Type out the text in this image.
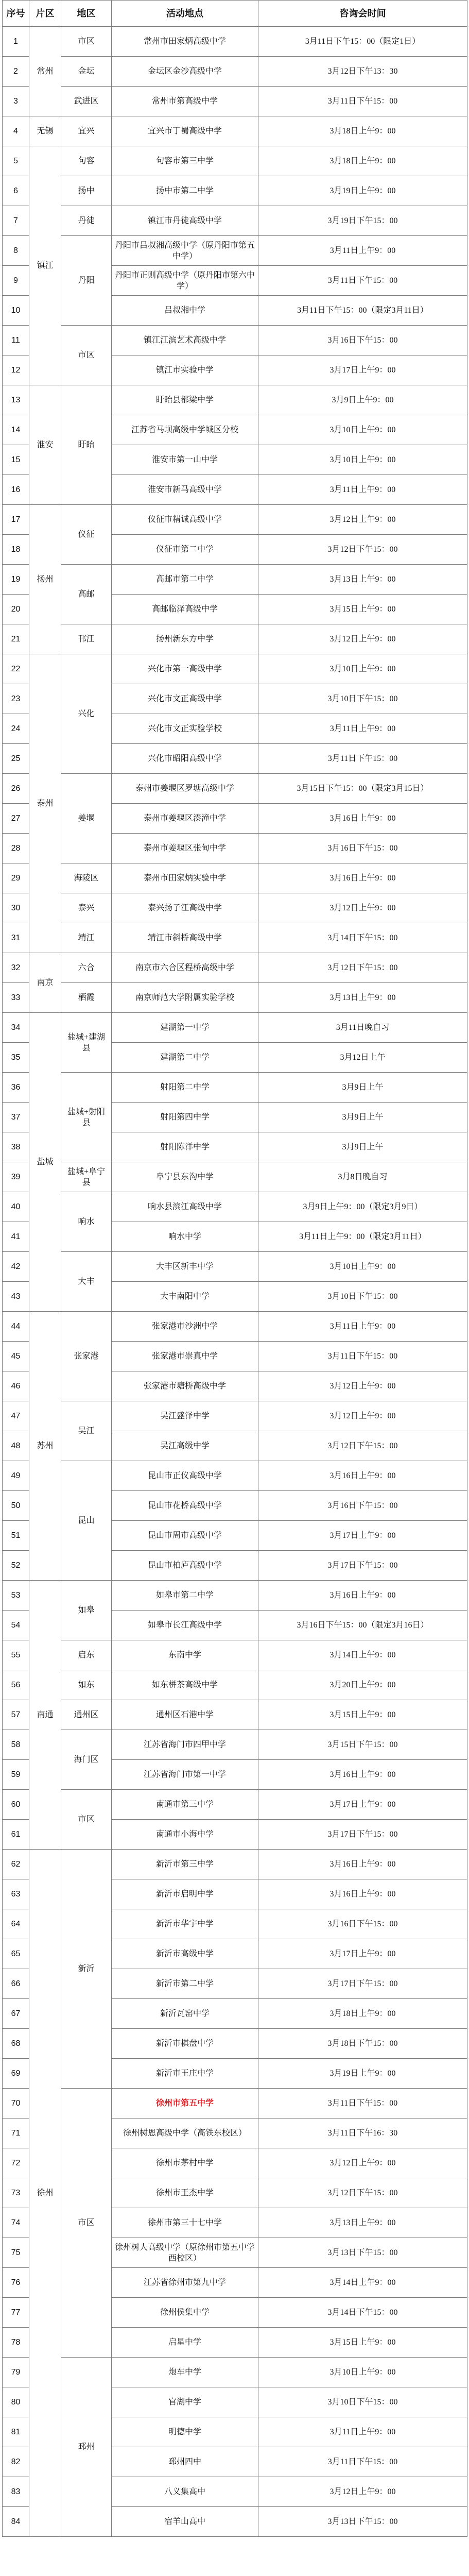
序号	片区	地区	活动地点	咨询会时间
1	常州	市区	常州市田家炳高级中学	3月11日下午15：00（限定1日）
2		金坛	金坛区金沙高级中学	3月12日下午13：30
3		武进区	常州市第高级中学	3月11日下午15：00
4	无锡	宜兴	宜兴市丁蜀高级中学	3月18日上午9：00
5	镇江	句容	句容市第三中学	3月18日上午9：00
6		扬中	扬中市第二中学	3月19日上午9：00
7		丹徒	镇江市丹徒高级中学	3月19日下午15：00
8		丹阳	丹阳市吕叔湘高级中学（原丹阳市第五中学）	3月11日上午9：00
9			丹阳市正则高级中学（原丹阳市第六中学）	3月11日下午15：00
10			吕叔湘中学	3月11日下午15：00（限定3月11日）
11		市区	镇江江滨艺术高级中学	3月16日下午15：00
12			镇江市实验中学	3月17日上午9：00
13	淮安	盱眙	盱眙县都梁中学	3月9日上午9：00
14			江苏省马坝高级中学城区分校	3月10日上午9：00
15			淮安市第一山中学	3月10日上午9：00
16			淮安市新马高级中学	3月11日上午9：00
17	扬州	仪征	仪征市精诚高级中学	3月12日上午9：00
18			仪征市第二中学	3月12日下午15：00
19		高邮	高邮市第二中学	3月13日上午9：00
20			高邮临泽高级中学	3月15日上午9：00
21		邗江	扬州新东方中学	3月12日上午9：00
22	泰州	兴化	兴化市第一高级中学	3月10日上午9：00
23			兴化市文正高级中学	3月10日下午15：00
24			兴化市文正实验学校	3月11日上午9：00
25			兴化市昭阳高级中学	3月11日下午15：00
26		姜堰	泰州市姜堰区罗塘高级中学	3月15日下午15：00（限定3月15日）
27			泰州市姜堰区溱潼中学	3月16日上午9：00
28			泰州市姜堰区张甸中学	3月16日下午15：00
29		海陵区	泰州市田家炳实验中学	3月16日上午9：00
30		泰兴	泰兴扬子江高级中学	3月12日上午9：00
31		靖江	靖江市斜桥高级中学	3月14日下午15：00
32	南京	六合	南京市六合区程桥高级中学	3月12日下午15：00
33		栖霞	南京师范大学附属实验学校	3月13日上午9：00
34	盐城	盐城+建湖县	建湖第一中学	3月11日晚自习
35			建湖第二中学	3月12日上午
36		盐城+射阳县	射阳第二中学	3月9日上午
37			射阳第四中学	3月9日上午
38			射阳陈洋中学	3月9日上午
39		盐城+阜宁县	阜宁县东沟中学	3月8日晚自习
40		响水	响水县滨江高级中学	3月9日上午9：00（限定3月9日）
41			响水中学	3月11日上午9：00（限定3月11日）
42		大丰	大丰区新丰中学	3月10日上午9：00
43			大丰南阳中学	3月10日下午15：00
44	苏州	张家港	张家港市沙洲中学	3月11日上午9：00
45			张家港市崇真中学	3月11日下午15：00
46			张家港市塘桥高级中学	3月12日上午9：00
47		吴江	吴江盛泽中学	3月12日上午9：00
48			吴江高级中学	3月12日下午15：00
49		昆山	昆山市正仪高级中学	3月16日上午9：00
50			昆山市花桥高级中学	3月16日下午15：00
51			昆山市周市高级中学	3月17日上午9：00
52			昆山市柏庐高级中学	3月17日下午15：00
53	南通	如皋	如皋市第二中学	3月16日上午9：00
54			如皋市长江高级中学	3月16日下午15：00（限定3月16日）
55		启东	东南中学	3月14日上午9：00
56		如东	如东栟茶高级中学	3月20日上午9：00
57		通州区	通州区石港中学	3月15日上午9：00
58		海门区	江苏省海门市四甲中学	3月15日下午15：00
59			江苏省海门市第一中学	3月16日上午9：00
60		市区	南通市第三中学	3月17日上午9：00
61			南通市小海中学	3月17日下午15：00
62	徐州	新沂	新沂市第三中学	3月16日上午9：00
63			新沂市启明中学	3月16日上午9：00
64			新沂市华宇中学	3月16日下午15：00
65			新沂市高级中学	3月17日上午9：00
66			新沂市第二中学	3月17日下午15：00
67			新沂瓦窑中学	3月18日上午9：00
68			新沂市棋盘中学	3月18日下午15：00
69			新沂市王庄中学	3月19日上午9：00
70		市区	徐州市第五中学	3月11日下午15：00
71			徐州树恩高级中学（高铁东校区）	3月11日下午16：30
72			徐州市茅村中学	3月12日上午9：00
73			徐州市王杰中学	3月12日下午15：00
74			徐州市第三十七中学	3月13日上午9：00
75			徐州树人高级中学（原徐州市第五中学西校区）	3月13日下午15：00
76			江苏省徐州市第九中学	3月14日上午9：00
77			徐州侯集中学	3月14日下午15：00
78			启星中学	3月15日上午9：00
79		邳州	炮车中学	3月10日上午9：00
80			官湖中学	3月10日下午15：00
81			明德中学	3月11日上午9：00
82			邳州四中	3月11日下午15：00
83			八义集高中	3月12日上午9：00
84			宿羊山高中	3月13日下午15：00
